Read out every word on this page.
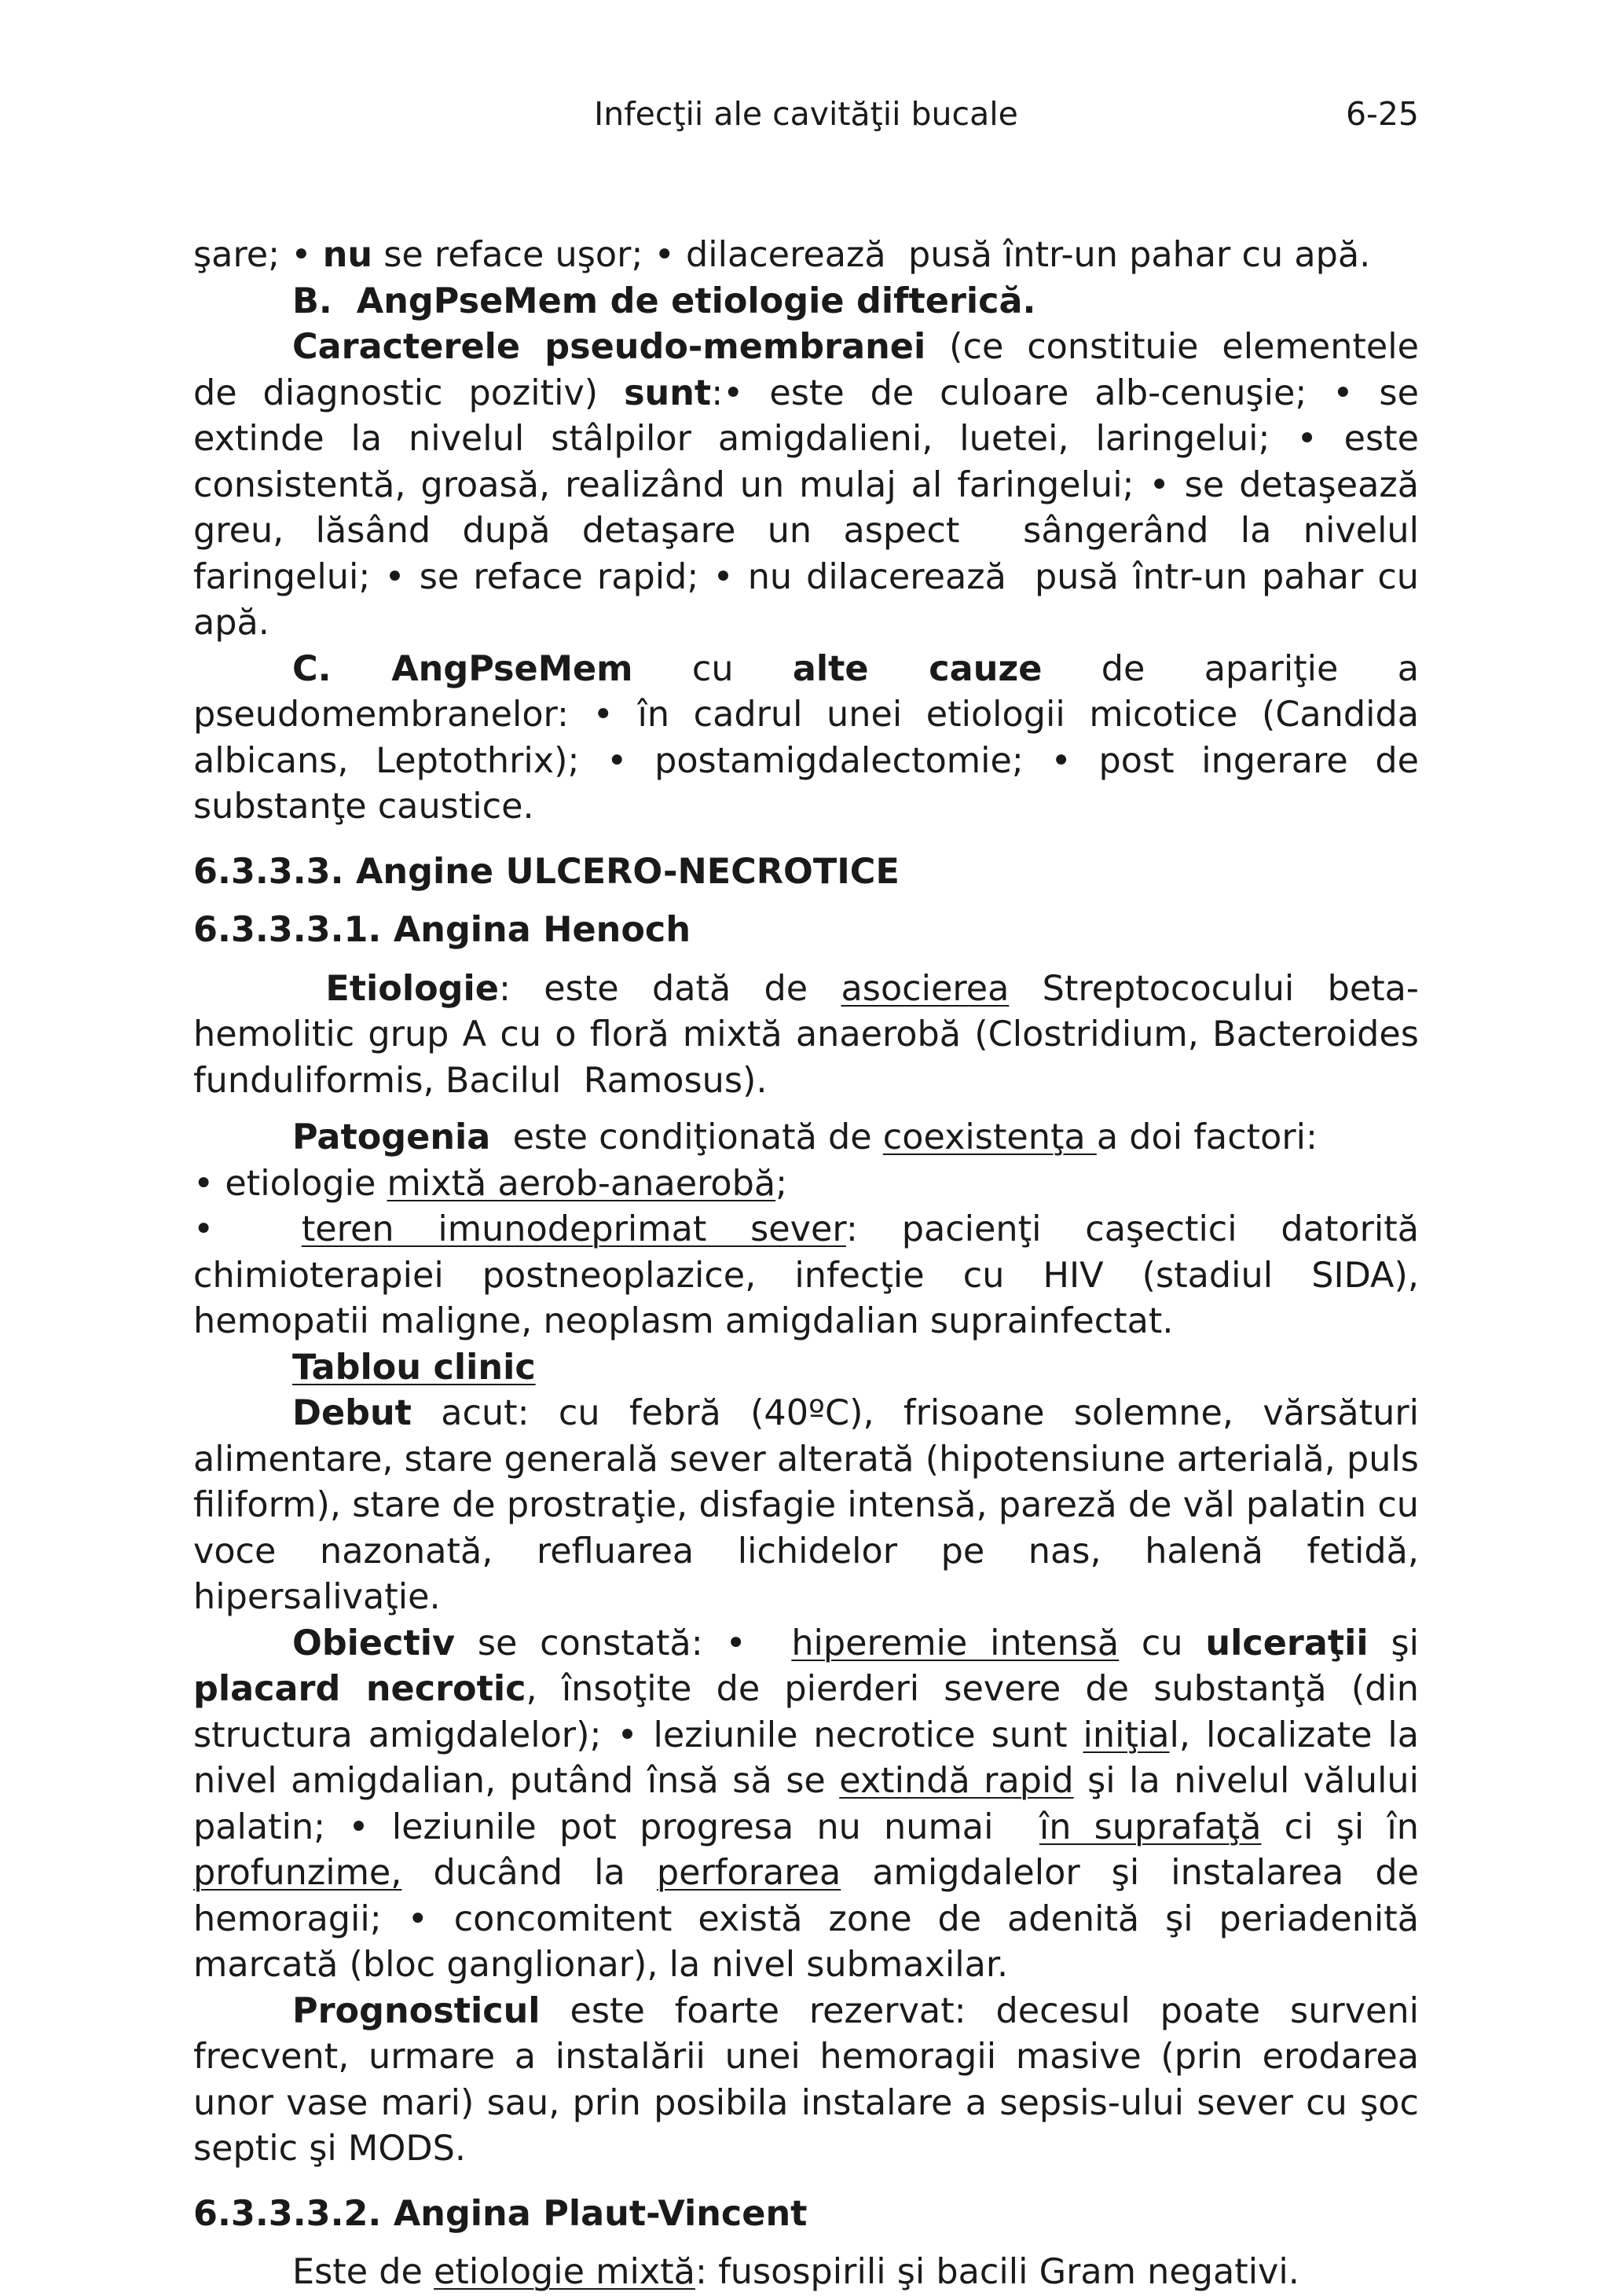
Infecţii ale cavităţii bucale	6-25

şare; • nu se reface uşor; • dilacerează  pusă într-un pahar cu apă.

B.  AngPseMem de etiologie difterică.

Caracterele pseudo-membranei (ce constituie elementele de diagnostic pozitiv) sunt:• este de culoare alb-cenuşie; • se extinde la nivelul stâlpilor amigdalieni, luetei, laringelui; • este consistentă, groasă, realizând un mulaj al faringelui; • se detaşează greu, lăsând după detaşare un aspect  sângerând la nivelul faringelui; • se reface rapid; • nu dilacerează  pusă într-un pahar cu apă.

C. AngPseMem cu alte cauze de apariţie a pseudomembranelor: • în cadrul unei etiologii micotice (Candida albicans, Leptothrix); • postamigdalectomie; • post ingerare de substanţe caustice.

6.3.3.3. Angine ULCERO-NECROTICE

6.3.3.3.1. Angina Henoch

Etiologie: este dată de asocierea Streptococului beta-hemolitic grup A cu o floră mixtă anaerobă (Clostridium, Bacteroides funduliformis, Bacilul  Ramosus).

Patogenia  este condiţionată de coexistenţa a doi factori:

• etiologie mixtă aerob-anaerobă;

•  teren imunodeprimat sever: pacienţi caşectici datorită chimioterapiei postneoplazice, infecţie cu HIV (stadiul SIDA), hemopatii maligne, neoplasm amigdalian suprainfectat.

Tablou clinic

Debut acut: cu febră (40ºC), frisoane solemne, vărsături alimentare, stare generală sever alterată (hipotensiune arterială, puls filiform), stare de prostraţie, disfagie intensă, pareză de văl palatin cu voce nazonată, refluarea lichidelor pe nas, halenă fetidă, hipersalivaţie.

Obiectiv se constată: •  hiperemie intensă cu ulceraţii şi placard necrotic, însoţite de pierderi severe de substanţă (din structura amigdalelor); • leziunile necrotice sunt iniţial, localizate la nivel amigdalian, putând însă să se extindă rapid şi la nivelul vălului palatin; • leziunile pot progresa nu numai  în suprafaţă ci şi în profunzime, ducând la perforarea amigdalelor şi instalarea de hemoragii; • concomitent există zone de adenită şi periadenită marcată (bloc ganglionar), la nivel submaxilar.

Prognosticul este foarte rezervat: decesul poate surveni frecvent, urmare a instalării unei hemoragii masive (prin erodarea unor vase mari) sau, prin posibila instalare a sepsis-ului sever cu şoc septic şi MODS.

6.3.3.3.2. Angina Plaut-Vincent

Este de etiologie mixtă: fusospirili şi bacili Gram negativi.
